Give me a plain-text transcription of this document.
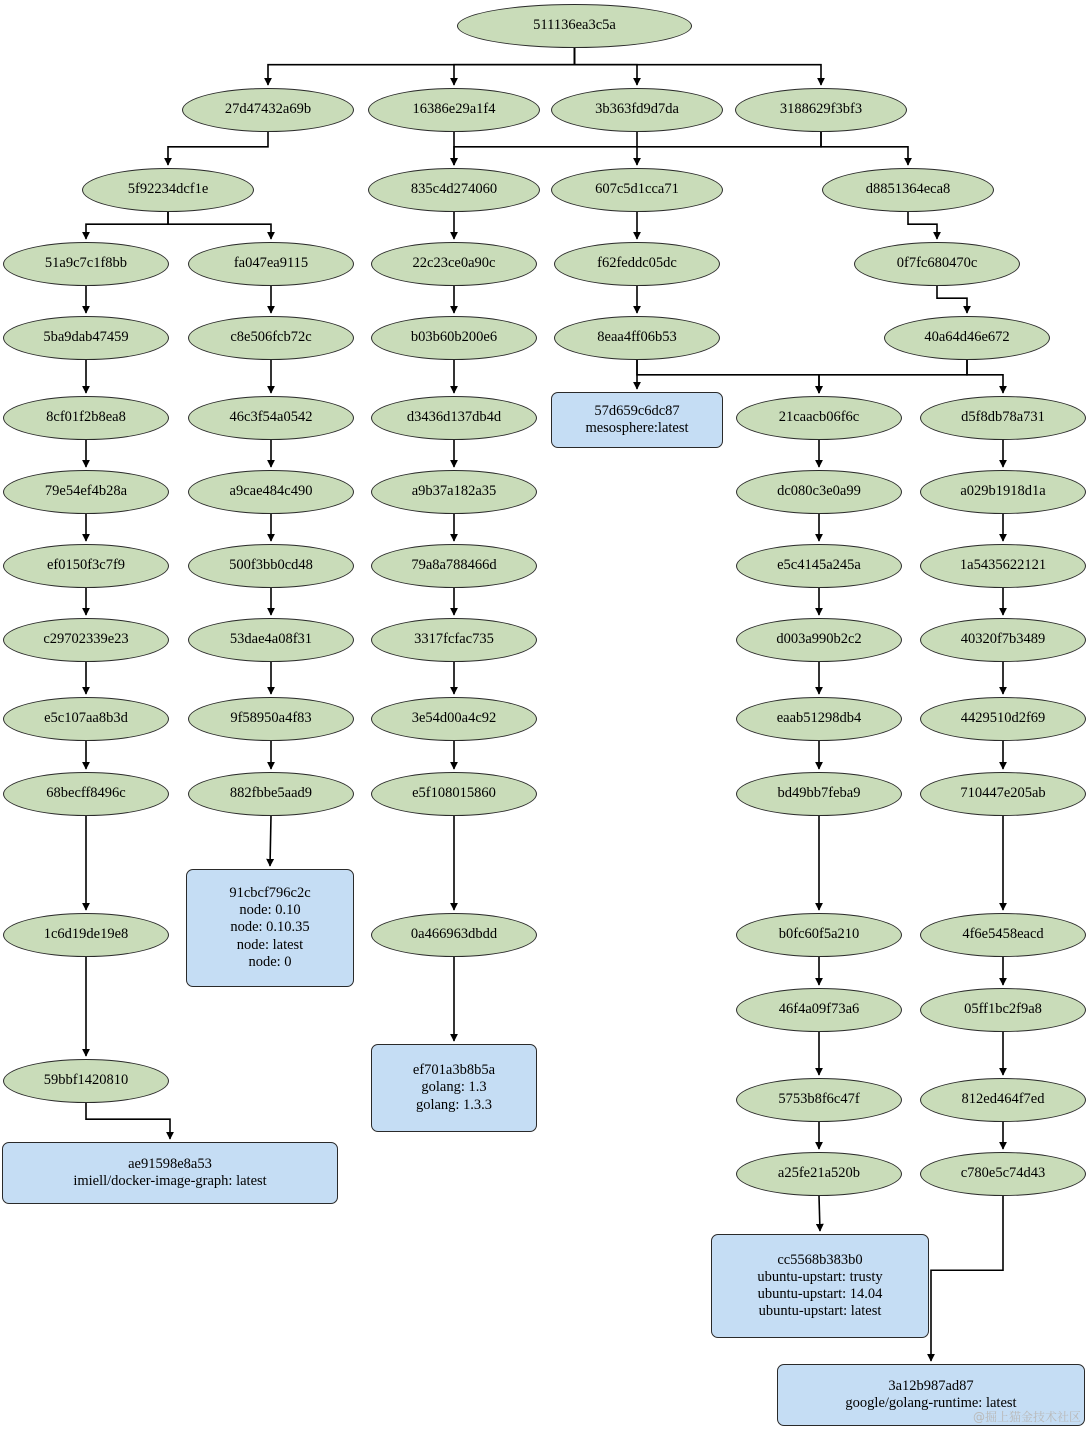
511136ea3c5a
27d47432a69b	16386e29a1f4	3b363fd9d7da	3188629f3bf3
5f92234dcf1e	835c4d274060	607c5d1cca71	d8851364eca8
51a9c7c1f8bb	fa047ea9115	22c23ce0a90c	f62feddc05dc	0f7fc680470c
5ba9dab47459	c8e506fcb72c	b03b60b200e6	8eaa4ff06b53	40a64d46e672
57d659c6dc87
mesosphere:latest
8cf01f2b8ea8	46c3f54a0542	d3436d137db4d	21caacb06f6c	d5f8db78a731
79e54ef4b28a	a9cae484c490	a9b37a182a35	dc080c3e0a99	a029b1918d1a
ef0150f3c7f9	500f3bb0cd48	79a8a788466d	e5c4145a245a	1a5435622121
c29702339e23	53dae4a08f31	3317fcfac735	d003a990b2c2	40320f7b3489
e5c107aa8b3d	9f58950a4f83	3e54d00a4c92	eaab51298db4	4429510d2f69
68becff8496c	882fbbe5aad9	e5f108015860	bd49bb7feba9	710447e205ab
91cbcf796c2c
node: 0.10
node: 0.10.35
node: latest
node: 0
1c6d19de19e8	0a466963dbdd	b0fc60f5a210	4f6e5458eacd
46f4a09f73a6	05ff1bc2f9a8
ef701a3b8b5a
golang: 1.3
golang: 1.3.3
59bbf1420810
5753b8f6c47f	812ed464f7ed
a25fe21a520b	c780e5c74d43
ae91598e8a53
imiell/docker-image-graph: latest
cc5568b383b0
ubuntu-upstart: trusty
ubuntu-upstart: 14.04
ubuntu-upstart: latest
3a12b987ad87
google/golang-runtime: latest
@掘上猫金技术社区
